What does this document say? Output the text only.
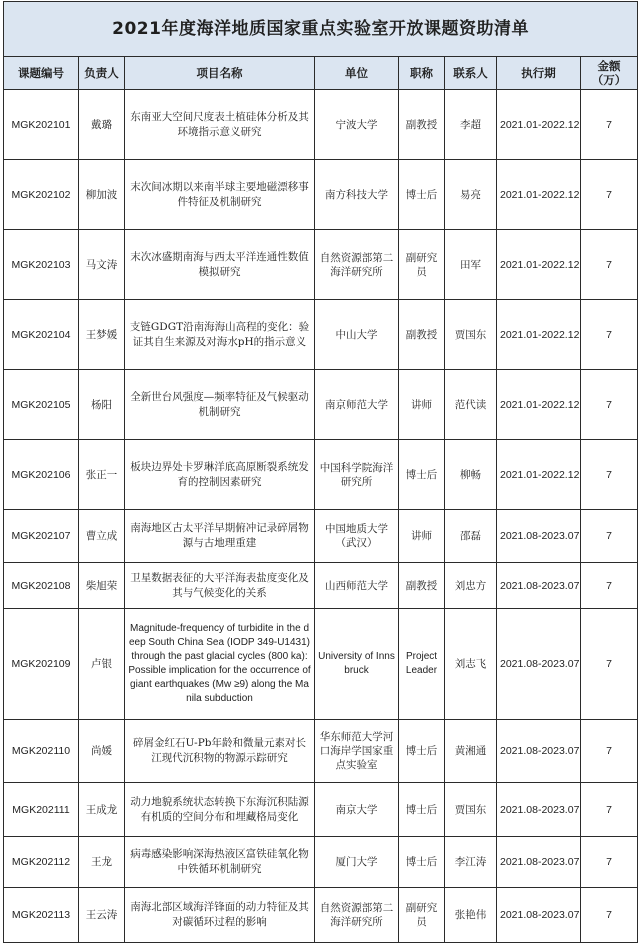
2021年度海洋地质国家重点实验室开放课题资助清单							
课题编号	负责人	项目名称	单位	职称	联系人	执行期	金额（万）
MGK202101	戴璐	东南亚大空间尺度表土植硅体分析及其环境指示意义研究	宁波大学	副教授	李超	2021.01-2022.12	7
MGK202102	柳加波	末次间冰期以来南半球主要地磁漂移事件特征及机制研究	南方科技大学	博士后	易亮	2021.01-2022.12	7
MGK202103	马文涛	末次冰盛期南海与西太平洋连通性数值模拟研究	自然资源部第二海洋研究所	副研究员	田军	2021.01-2022.12	7
MGK202104	王梦媛	支链GDGT沿南海海山高程的变化：验证其自生来源及对海水pH的指示意义	中山大学	副教授	贾国东	2021.01-2022.12	7
MGK202105	杨阳	全新世台风强度—频率特征及气候驱动机制研究	南京师范大学	讲师	范代读	2021.01-2022.12	7
MGK202106	张正一	板块边界处卡罗琳洋底高原断裂系统发育的控制因素研究	中国科学院海洋研究所	博士后	柳畅	2021.01-2022.12	7
MGK202107	曹立成	南海地区古太平洋早期俯冲记录碎屑物源与古地理重建	中国地质大学（武汉）	讲师	邵磊	2021.08-2023.07	7
MGK202108	柴旭荣	卫星数据表征的大平洋海表盐度变化及其与气候变化的关系	山西师范大学	副教授	刘忠方	2021.08-2023.07	7
MGK202109	卢银	Magnitude-frequency of turbidite in the deep South China Sea (IODP 349-U1431) through the past glacial cycles (800 ka): Possible implication for the occurrence of giant earthquakes (Mw ≥9) along the Manila subduction	University of Innsbruck	Project Leader	刘志飞	2021.08-2023.07	7
MGK202110	尚媛	碎屑金红石U-Pb年龄和微量元素对长江现代沉积物的物源示踪研究	华东师范大学河口海岸学国家重点实验室	博士后	黄湘通	2021.08-2023.07	7
MGK202111	王成龙	动力地貌系统状态转换下东海沉积陆源有机质的空间分布和埋藏格局变化	南京大学	博士后	贾国东	2021.08-2023.07	7
MGK202112	王龙	病毒感染影响深海热液区富铁硅氧化物中铁循环机制研究	厦门大学	博士后	李江涛	2021.08-2023.07	7
MGK202113	王云涛	南海北部区域海洋锋面的动力特征及其对碳循环过程的影响	自然资源部第二海洋研究所	副研究员	张艳伟	2021.08-2023.07	7
